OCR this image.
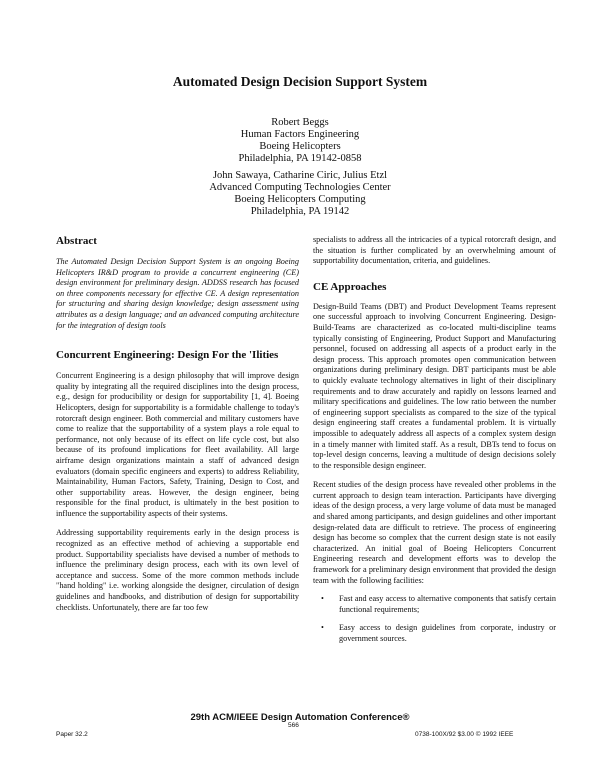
Automated Design Decision Support System
Robert Beggs
Human Factors Engineering
Boeing Helicopters
Philadelphia, PA 19142-0858
John Sawaya, Catharine Ciric, Julius Etzl
Advanced Computing Technologies Center
Boeing Helicopters Computing
Philadelphia, PA 19142
Abstract

The Automated Design Decision Support System is an ongoing Boeing Helicopters IR&D program to provide a concurrent engineering (CE) design environment for preliminary design. ADDSS research has focused on three components necessary for effective CE. A design representation for structuring and sharing design knowledge; design assessment using attributes as a design language; and an advanced computing architecture for the integration of design tools

Concurrent Engineering: Design For the 'Ilities

Concurrent Engineering is a design philosophy that will improve design quality by integrating all the required disciplines into the design process, e.g., design for producibility or design for supportability [1, 4]. Boeing Helicopters, design for supportability is a formidable challenge to today's rotorcraft design engineer. Both commercial and military customers have come to realize that the supportability of a system plays a role equal to performance, not only because of its effect on life cycle cost, but also because of its profound implications for fleet availability. All large airframe design organizations maintain a staff of advanced design evaluators (domain specific engineers and experts) to address Reliability, Maintainability, Human Factors, Safety, Training, Design to Cost, and other supportability areas. However, the design engineer, being responsible for the final product, is ultimately in the best position to influence the supportability aspects of their systems.

Addressing supportability requirements early in the design process is recognized as an effective method of achieving a supportable end product. Supportability specialists have devised a number of methods to influence the preliminary design process, each with its own level of acceptance and success. Some of the more common methods include "hand holding" i.e. working alongside the designer, circulation of design guidelines and handbooks, and distribution of design for supportability checklists. Unfortunately, there are far too few

specialists to address all the intricacies of a typical rotorcraft design, and the situation is further complicated by an overwhelming amount of supportability documentation, criteria, and guidelines.

CE Approaches

Design-Build Teams (DBT) and Product Development Teams represent one successful approach to involving Concurrent Engineering. Design-Build-Teams are characterized as co-located multi-discipline teams typically consisting of Engineering, Product Support and Manufacturing personnel, focused on addressing all aspects of a product early in the design process. This approach promotes open communication between organizations during preliminary design. DBT participants must be able to quickly evaluate technology alternatives in light of their disciplinary requirements and to draw accurately and rapidly on lessons learned and military specifications and guidelines. The low ratio between the number of engineering support specialists as compared to the size of the typical design engineering staff creates a fundamental problem. It is virtually impossible to adequately address all aspects of a complex system design in a timely manner with limited staff. As a result, DBTs tend to focus on top-level design concerns, leaving a multitude of design decisions solely to the responsible design engineer.

Recent studies of the design process have revealed other problems in the current approach to design team interaction. Participants have diverging ideas of the design process, a very large volume of data must be managed and shared among participants, and design guidelines and other important design-related data are difficult to retrieve. The process of engineering design has become so complex that the current design state is not easily characterized. An initial goal of Boeing Helicopters Concurrent Engineering research and development efforts was to develop the framework for a preliminary design environment that provided the design team with the following facilities:

• Fast and easy access to alternative components that satisfy certain functional requirements;
• Easy access to design guidelines from corporate, industry or government sources.
29th ACM/IEEE Design Automation Conference®
Paper 32.2
566
0738-100X/92 $3.00 © 1992 IEEE
